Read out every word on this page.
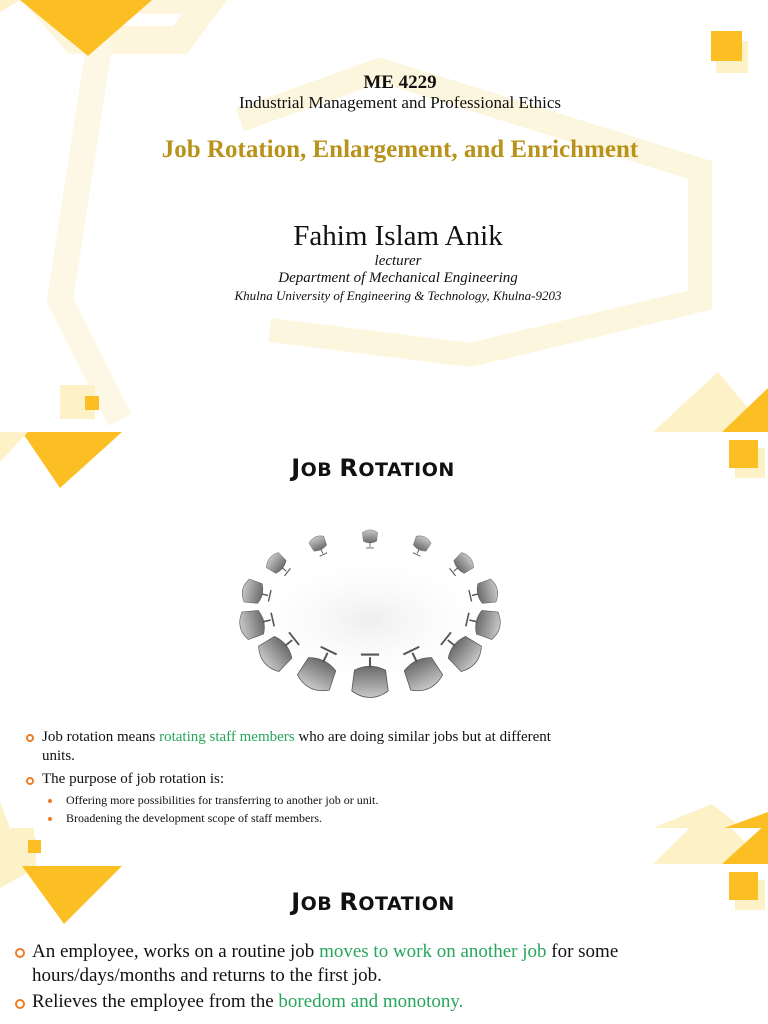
ME 4229
Industrial Management and Professional Ethics
Job Rotation, Enlargement, and Enrichment
Fahim Islam Anik
lecturer
Department of Mechanical Engineering
Khulna University of Engineering & Technology, Khulna-9203
JOB ROTATION
Job rotation means rotating staff members who are doing similar jobs but at different
units.
The purpose of job rotation is:
Offering more possibilities for transferring to another job or unit.
Broadening the development scope of staff members.
JOB ROTATION
An employee, works on a routine job moves to work on another job for some
hours/days/months and returns to the first job.
Relieves the employee from the boredom and monotony.
